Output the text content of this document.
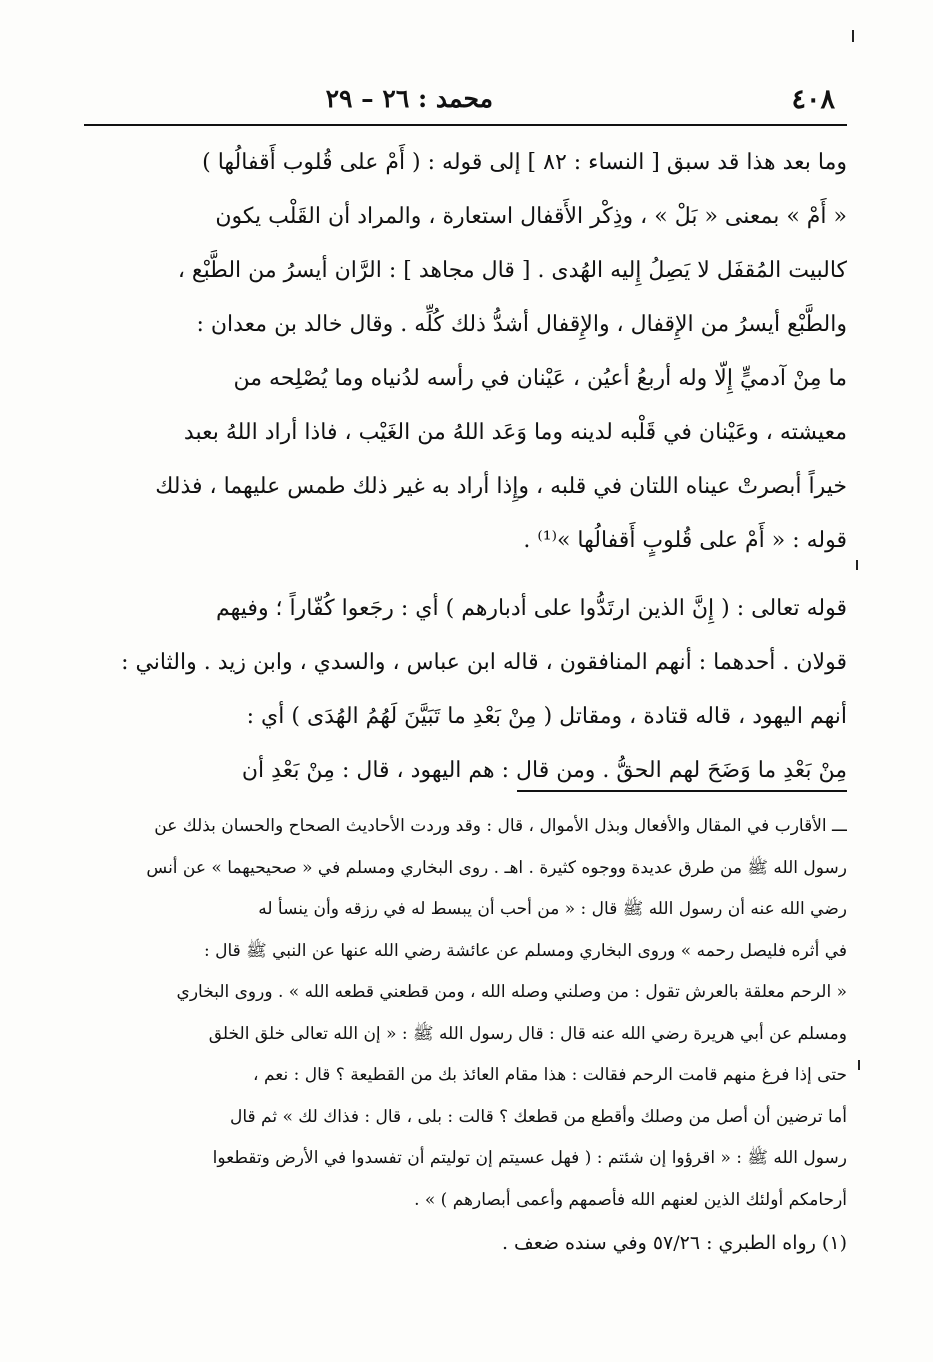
٤٠٨
محمد : ٢٦ – ٢٩
وما بعد هذا قد سبق [ النساء : ٨٢ ] إلى قوله : ( أَمْ على قُلوب أَقفالُها )
« أَمْ » بمعنى « بَلْ » ، وذِكْر الأَقفال استعارة ، والمراد أن القَلْب يكون
كالبيت المُقفَل لا يَصِلُ إِليه الهُدى . [ قال مجاهد ] : الرَّان أيسرُ من الطَّبْع ،
والطَّبْع أيسرُ من الإِقفال ، والإِقفال أشدُّ ذلك كُلِّه . وقال خالد بن معدان :
ما مِنْ آدميٍّ إِلّا وله أربعُ أعيُن ، عَيْنان في رأسه لدُنياه وما يُصْلِحه من
معيشته ، وعَيْنان في قَلْبه لدينه وما وَعَد اللهُ من الغَيْب ، فاذا أراد اللهُ بعبد
خيراً أبصرتْ عيناه اللتان في قلبه ، وإِذا أراد به غير ذلك طمس عليهما ، فذلك
قوله : « أَمْ على قُلوبٍ أَقفالُها »⁽¹⁾ .
قوله تعالى : ( إِنَّ الذين ارتَدُّوا على أدبارهم ) أي : رجَعوا كُفّاراً ؛ وفيهم
قولان . أحدهما : أنهم المنافقون ، قاله ابن عباس ، والسدي ، وابن زيد . والثاني :
أنهم اليهود ، قاله قتادة ، ومقاتل ( مِنْ بَعْدِ ما تَبَيَّنَ لَهُمُ الهُدَى ) أي :
مِنْ بَعْدِ ما وَضَحَ لهم الحقُّ . ومن قال : هم اليهود ، قال : مِنْ بَعْدِ أن
ـــ الأقارب في المقال والأفعال وبذل الأموال ، قال : وقد وردت الأحاديث الصحاح والحسان بذلك عن
رسول الله ﷺ من طرق عديدة ووجوه كثيرة . اهـ . روى البخاري ومسلم في « صحيحيهما » عن أنس
رضي الله عنه أن رسول الله ﷺ قال : « من أحب أن يبسط له في رزقه وأن ينسأ له
في أثره فليصل رحمه » وروى البخاري ومسلم عن عائشة رضي الله عنها عن النبي ﷺ قال :
« الرحم معلقة بالعرش تقول : من وصلني وصله الله ، ومن قطعني قطعه الله » . وروى البخاري
ومسلم عن أبي هريرة رضي الله عنه قال : قال رسول الله ﷺ : « إن الله تعالى خلق الخلق
حتى إذا فرغ منهم قامت الرحم فقالت : هذا مقام العائذ بك من القطيعة ؟ قال : نعم ،
أما ترضين أن أصل من وصلك وأقطع من قطعك ؟ قالت : بلى ، قال : فذاك لك » ثم قال
رسول الله ﷺ : « اقرؤوا إن شئتم : ( فهل عسيتم إن توليتم أن تفسدوا في الأرض وتقطعوا
أرحامكم أولئك الذين لعنهم الله فأصمهم وأعمى أبصارهم ) » .
(١) رواه الطبري : ٥٧/٢٦ وفي سنده ضعف .
